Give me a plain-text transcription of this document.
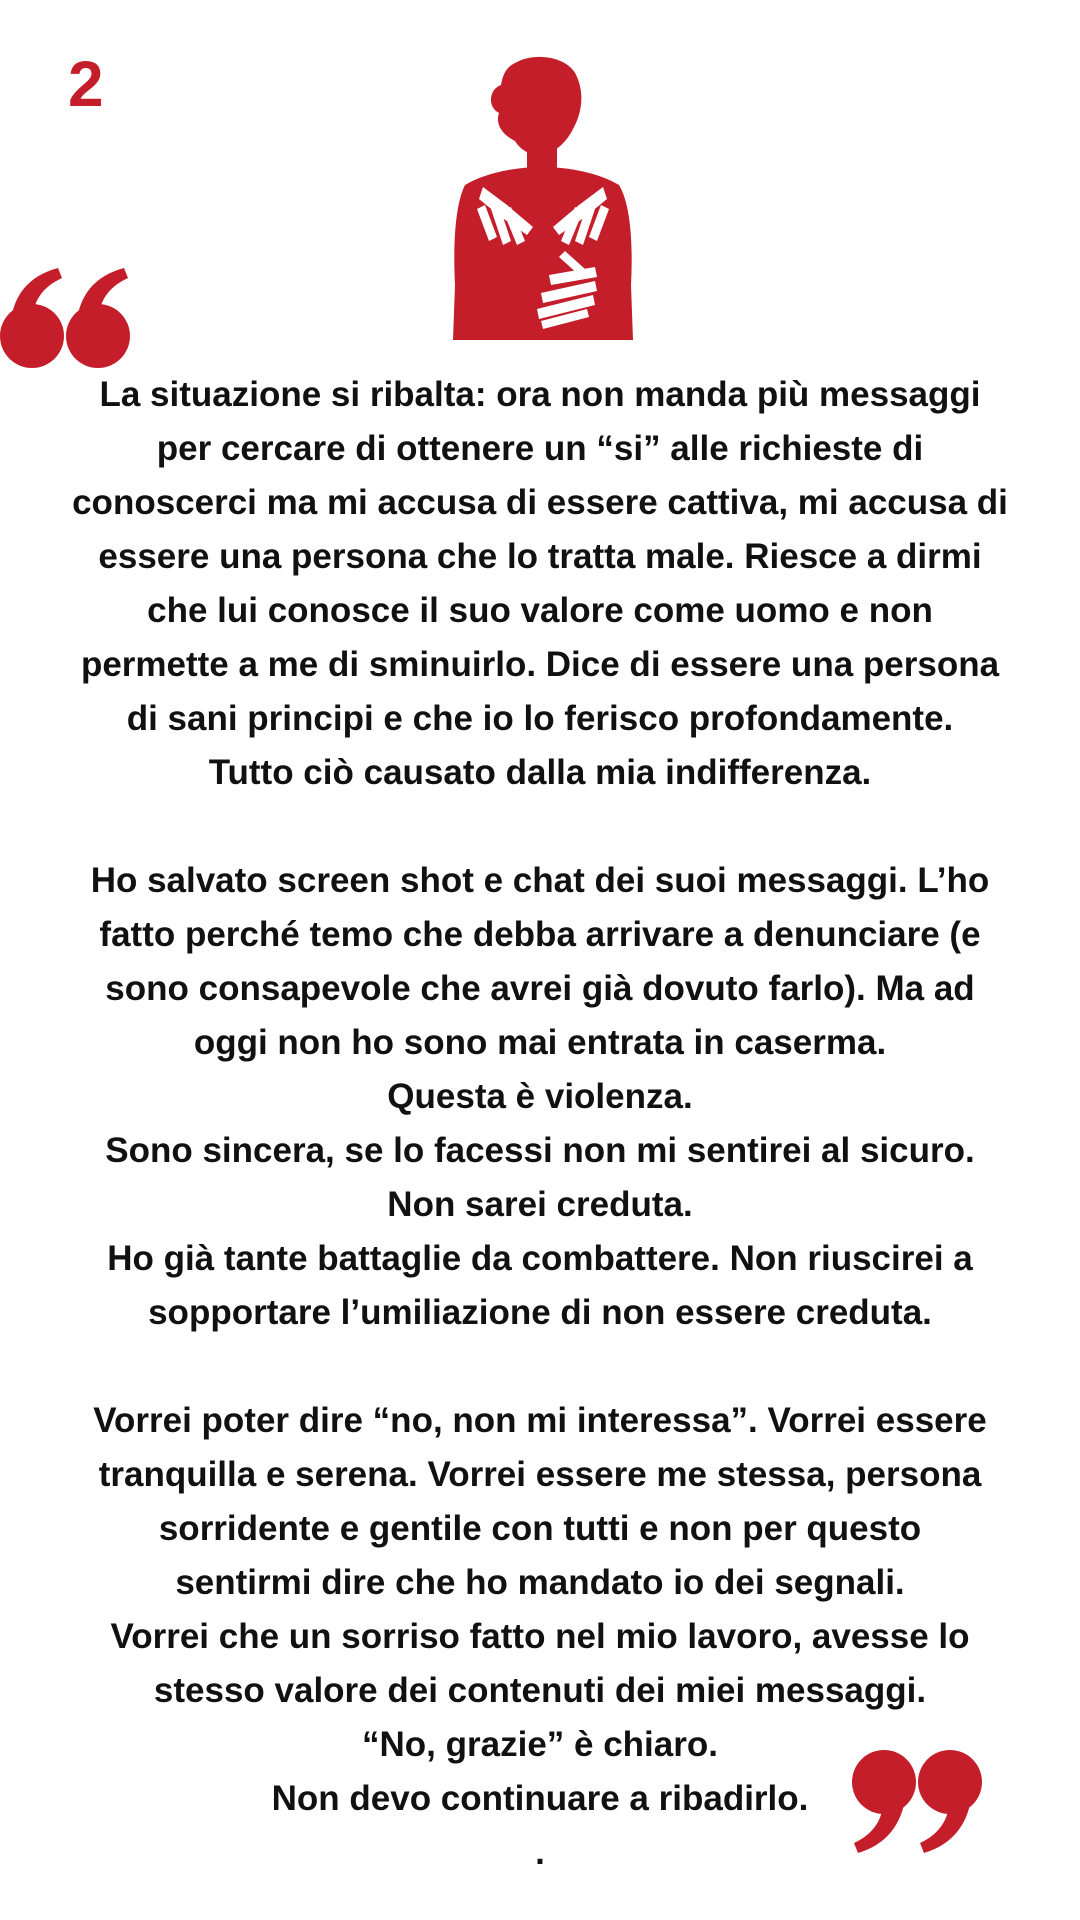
2
La situazione si ribalta: ora non manda più messaggi
per cercare di ottenere un “si” alle richieste di
conoscerci ma mi accusa di essere cattiva, mi accusa di
essere una persona che lo tratta male. Riesce a dirmi
che lui conosce il suo valore come uomo e non
permette a me di sminuirlo. Dice di essere una persona
di sani principi e che io lo ferisco profondamente.
Tutto ciò causato dalla mia indifferenza.
Ho salvato screen shot e chat dei suoi messaggi. L’ho
fatto perché temo che debba arrivare a denunciare (e
sono consapevole che avrei già dovuto farlo). Ma ad
oggi non ho sono mai entrata in caserma.
Questa è violenza.
Sono sincera, se lo facessi non mi sentirei al sicuro.
Non sarei creduta.
Ho già tante battaglie da combattere. Non riuscirei a
sopportare l’umiliazione di non essere creduta.
Vorrei poter dire “no, non mi interessa”. Vorrei essere
tranquilla e serena. Vorrei essere me stessa, persona
sorridente e gentile con tutti e non per questo
sentirmi dire che ho mandato io dei segnali.
Vorrei che un sorriso fatto nel mio lavoro, avesse lo
stesso valore dei contenuti dei miei messaggi.
“No, grazie” è chiaro.
Non devo continuare a ribadirlo.
.
